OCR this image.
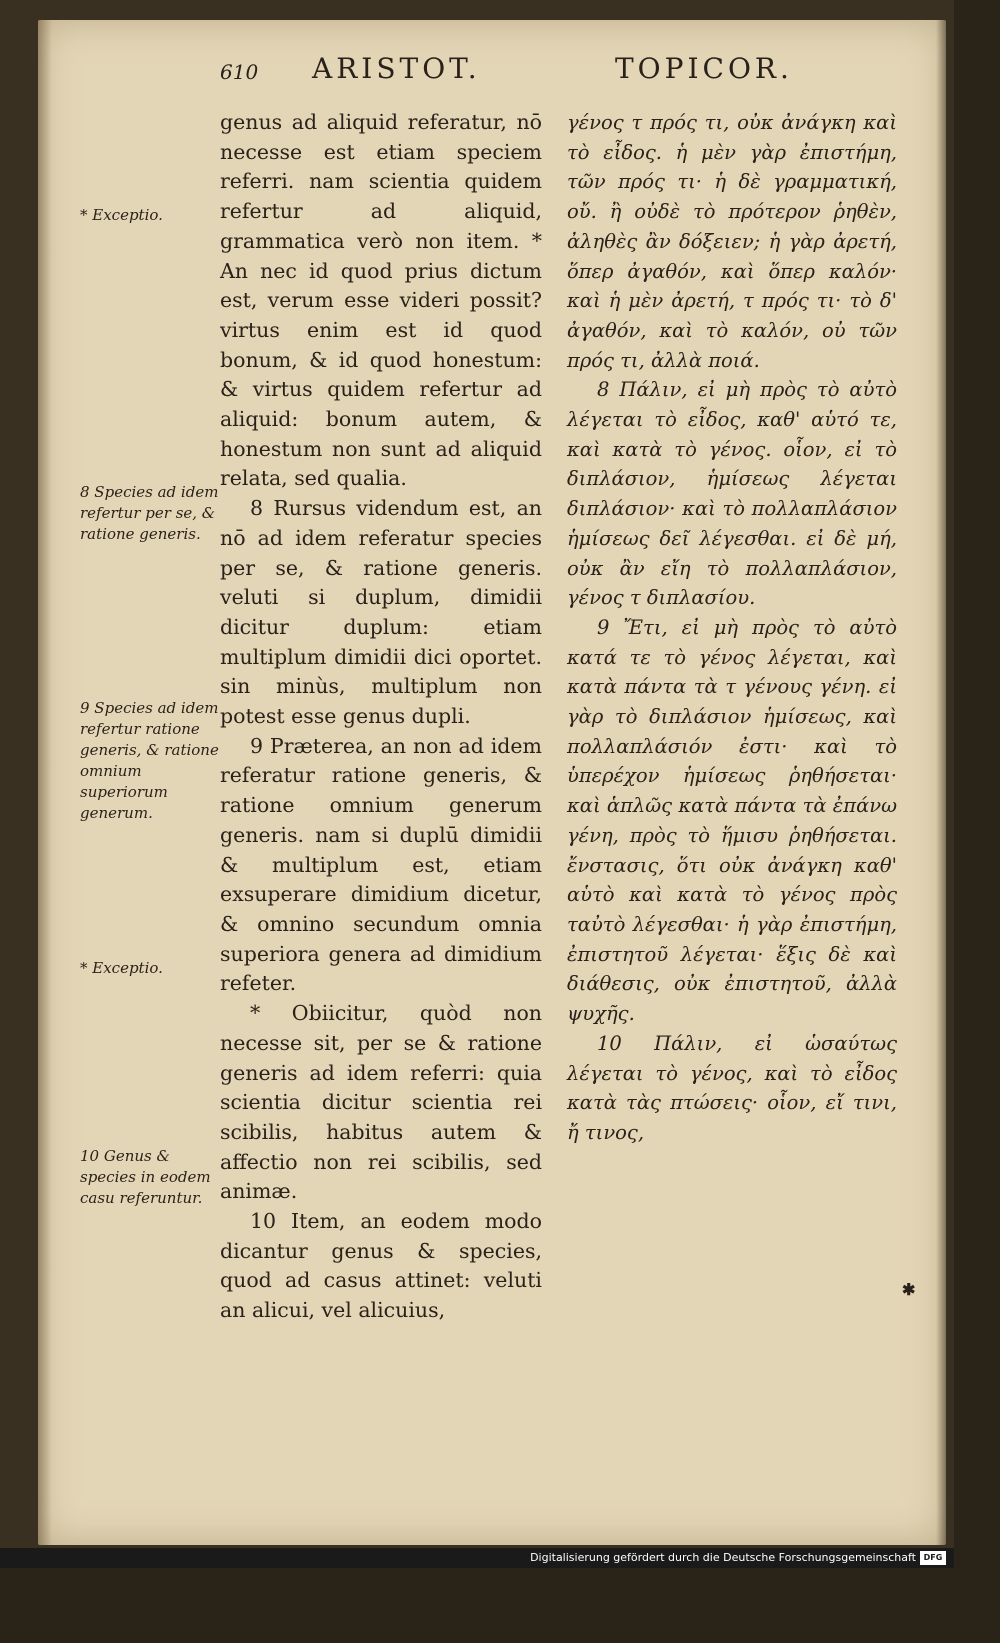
610 ARISTOT.	TOPICOR.
* Exceptio.
8 Species ad idem refertur per se, & ratione generis.
9 Species ad idem refertur ratione generis, & ratione omnium superiorum generum.
* Exceptio.
10 Genus & species in eodem casu referuntur.

genus ad aliquid referatur, nō necesse est etiam speciem referri. nam scientia quidem refertur ad aliquid, grammatica verò non item. * An nec id quod prius dictum est, verum esse videri possit? virtus enim est id quod bonum, & id quod honestum: & virtus quidem refertur ad aliquid: bonum autem, & honestum non sunt ad aliquid relata, sed qualia.

8 Rursus videndum est, an nō ad idem referatur species per se, & ratione generis. veluti si duplum, dimidii dicitur duplum: etiam multiplum dimidii dici oportet. sin minùs, multiplum non potest esse genus dupli.

9 Præterea, an non ad idem referatur ratione generis, & ratione omnium generum generis. nam si duplū dimidii & multiplum est, etiam exsuperare dimidium dicetur, & omnino secundum omnia superiora genera ad dimidium refeter.

* Obiicitur, quòd non necesse sit, per se & ratione generis ad idem referri: quia scientia dicitur scientia rei scibilis, habitus autem & affectio non rei scibilis, sed animæ.

10 Item, an eodem modo dicantur genus & species, quod ad casus attinet: veluti an alicui, vel alicuius,

γένος τ πρός τι, οὐκ ἀνάγκη καὶ τὸ εἶδος. ἡ μὲν γὰρ ἐπιστήμη, τῶν πρός τι· ἡ δὲ γραμματική, οὔ. ἢ οὐδὲ τὸ πρότερον ῥηθὲν, ἀληθὲς ἂν δόξειεν; ἡ γὰρ ἀρετή, ὅπερ ἀγαθόν, καὶ ὅπερ καλόν· καὶ ἡ μὲν ἀρετή, τ πρός τι· τὸ δ' ἀγαθόν, καὶ τὸ καλόν, οὐ τῶν πρός τι, ἀλλὰ ποιά.

8 Πάλιν, εἰ μὴ πρὸς τὸ αὐτὸ λέγεται τὸ εἶδος, καθ' αὑτό τε, καὶ κατὰ τὸ γένος. οἷον, εἰ τὸ διπλάσιον, ἡμίσεως λέγεται διπλάσιον· καὶ τὸ πολλαπλάσιον ἡμίσεως δεῖ λέγεσθαι. εἰ δὲ μή, οὐκ ἂν εἴη τὸ πολλαπλάσιον, γένος τ διπλασίου.

9 Ἔτι, εἰ μὴ πρὸς τὸ αὐτὸ κατά τε τὸ γένος λέγεται, καὶ κατὰ πάντα τὰ τ γένους γένη. εἰ γὰρ τὸ διπλάσιον ἡμίσεως, καὶ πολλαπλάσιόν ἐστι· καὶ τὸ ὑπερέχον ἡμίσεως ῥηθήσεται· καὶ ἁπλῶς κατὰ πάντα τὰ ἐπάνω γένη, πρὸς τὸ ἥμισυ ῥηθήσεται. ἔνστασις, ὅτι οὐκ ἀνάγκη καθ' αὑτὸ καὶ κατὰ τὸ γένος πρὸς ταὐτὸ λέγεσθαι· ἡ γὰρ ἐπιστήμη, ἐπιστητοῦ λέγεται· ἕξις δὲ καὶ διάθεσις, οὐκ ἐπιστητοῦ, ἀλλὰ ψυχῆς.

10 Πάλιν, εἰ ὡσαύτως λέγεται τὸ γένος, καὶ τὸ εἶδος κατὰ τὰς πτώσεις· οἷον, εἴ τινι, ἤ τινος,

✱
Digitalisierung gefördert durch die Deutsche Forschungsgemeinschaft DFG
